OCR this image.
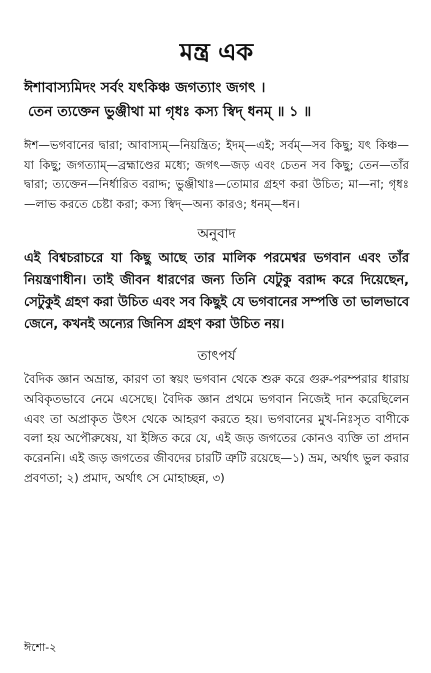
মন্ত্র এক
ঈশাবাস্যমিদং সর্বং যৎকিঞ্চ জগত্যাং জগৎ ।
তেন ত্যক্তেন ভুঞ্জীথা মা গৃধঃ কস্য স্বিদ্ ধনম্ ॥ ১ ॥
ঈশ—ভগবানের দ্বারা; আবাস্যম্—নিয়ন্ত্রিত; ইদম্—এই; সর্বম্—সব কিছু; যৎ কিঞ্চ—যা কিছু; জগত্যাম্—ব্রহ্মাণ্ডের মধ্যে; জগৎ—জড় এবং চেতন সব কিছু; তেন—তাঁর দ্বারা; ত্যক্তেন—নির্ধারিত বরাদ্দ; ভুঞ্জীথাঃ—তোমার গ্রহণ করা উচিত; মা—না; গৃধঃ—লাভ করতে চেষ্টা করা; কস্য স্বিদ্—অন্য কারও; ধনম্—ধন।
অনুবাদ
এই বিশ্বচরাচরে যা কিছু আছে তার মালিক পরমেশ্বর ভগবান এবং তাঁর নিয়ন্ত্রণাধীন। তাই জীবন ধারণের জন্য তিনি যেটুকু বরাদ্দ করে দিয়েছেন, সেটুকুই গ্রহণ করা উচিত এবং সব কিছুই যে ভগবানের সম্পত্তি তা ভালভাবে জেনে, কখনই অন্যের জিনিস গ্রহণ করা উচিত নয়।
তাৎপর্য
বৈদিক জ্ঞান অভ্রান্ত, কারণ তা স্বয়ং ভগবান থেকে শুরু করে গুরু-পরম্পরার ধারায় অবিকৃতভাবে নেমে এসেছে। বৈদিক জ্ঞান প্রথমে ভগবান নিজেই দান করেছিলেন এবং তা অপ্রাকৃত উৎস থেকে আহরণ করতে হয়। ভগবানের মুখ-নিঃসৃত বাণীকে বলা হয় অপৌরুষেয়, যা ইঙ্গিত করে যে, এই জড় জগতের কোনও ব্যক্তি তা প্রদান করেননি। এই জড় জগতের জীবদের চারটি ত্রুটি রয়েছে—১) ভ্রম, অর্থাৎ ভুল করার প্রবণতা; ২) প্রমাদ, অর্থাৎ সে মোহাচ্ছন্ন, ৩)
ঈশো-২
